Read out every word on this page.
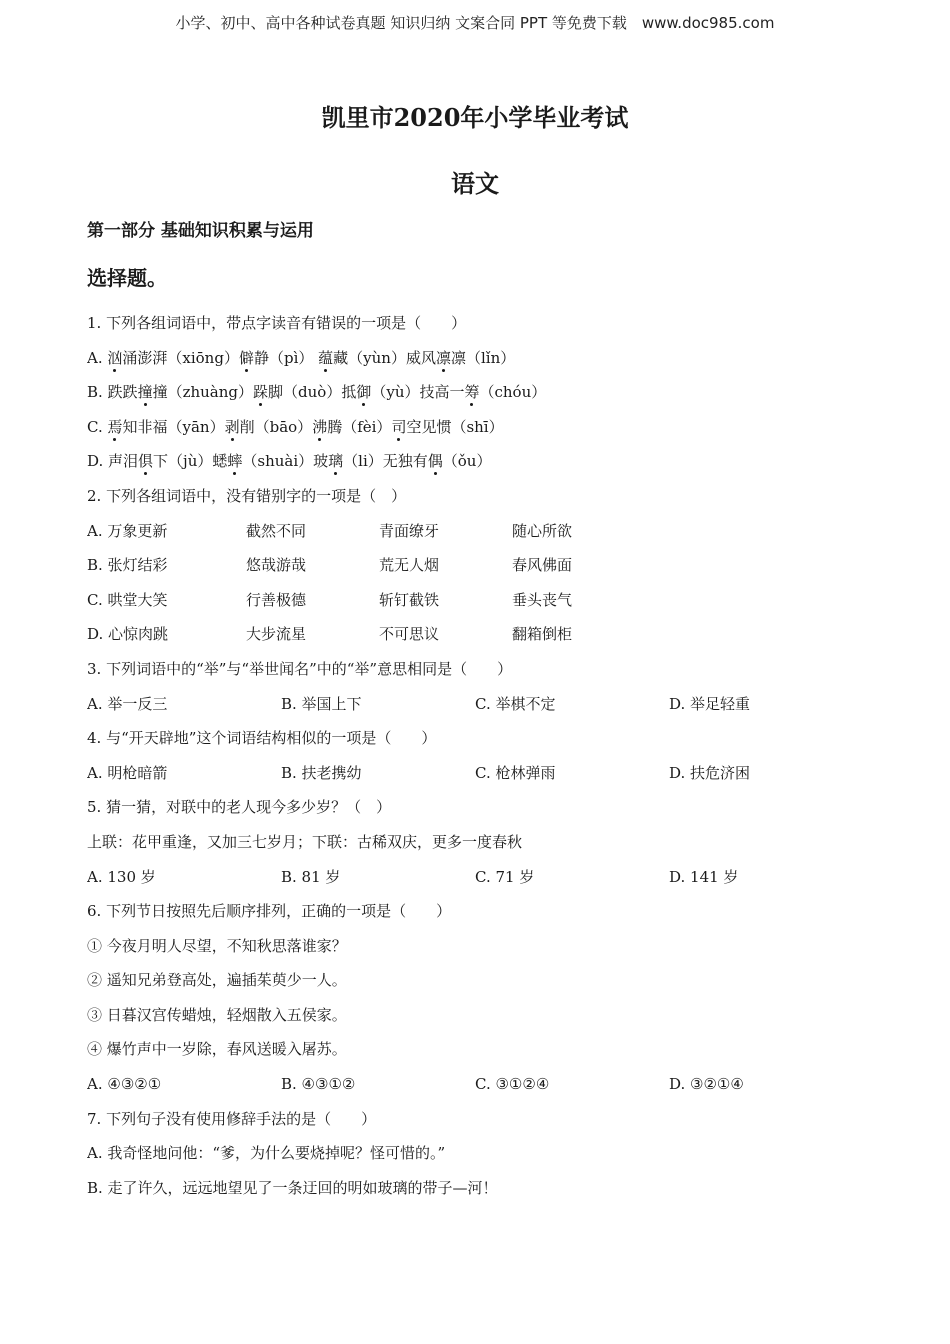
小学、初中、高中各种试卷真题 知识归纳 文案合同 PPT 等免费下载　www.doc985.com
凯里市2020年小学毕业考试
语文
第一部分 基础知识积累与运用
选择题。
1. 下列各组词语中，带点字读音有错误的一项是（　　）
A. 汹涌澎湃（xiōng）僻静（pì） 蕴藏（yùn）威风凛凛（lǐn）
B. 跌跌撞撞（zhuàng）跺脚（duò）抵御（yù）技高一筹（chóu）
C. 焉知非福（yān）剥削（bāo）沸腾（fèi）司空见惯（shī）
D. 声泪俱下（jù）蟋蟀（shuài）玻璃（li）无独有偶（ǒu）
2. 下列各组词语中，没有错别字的一项是（　）
A. 万象更新	截然不同	青面缭牙	随心所欲
B. 张灯结彩	悠哉游哉	荒无人烟	春风佛面
C. 哄堂大笑	行善极德	斩钉截铁	垂头丧气
D. 心惊肉跳	大步流星	不可思议	翻箱倒柜
3. 下列词语中的“举”与“举世闻名”中的“举”意思相同是（　　）
A. 举一反三	B. 举国上下	C. 举棋不定	D. 举足轻重
4. 与“开天辟地”这个词语结构相似的一项是（　　）
A. 明枪暗箭	B. 扶老携幼	C. 枪林弹雨	D. 扶危济困
5. 猜一猜，对联中的老人现今多少岁？（　）
上联：花甲重逢，又加三七岁月；下联：古稀双庆，更多一度春秋
A. 130 岁	B. 81 岁	C. 71 岁	D. 141 岁
6. 下列节日按照先后顺序排列，正确的一项是（　　）
① 今夜月明人尽望，不知秋思落谁家？
② 遥知兄弟登高处，遍插茱萸少一人。
③ 日暮汉宫传蜡烛，轻烟散入五侯家。
④ 爆竹声中一岁除，春风送暖入屠苏。
A. ④③②①	B. ④③①②	C. ③①②④	D. ③②①④
7. 下列句子没有使用修辞手法的是（　　）
A. 我奇怪地问他：“爹，为什么要烧掉呢？怪可惜的。”
B. 走了许久，远远地望见了一条迂回的明如玻璃的带子—河！
